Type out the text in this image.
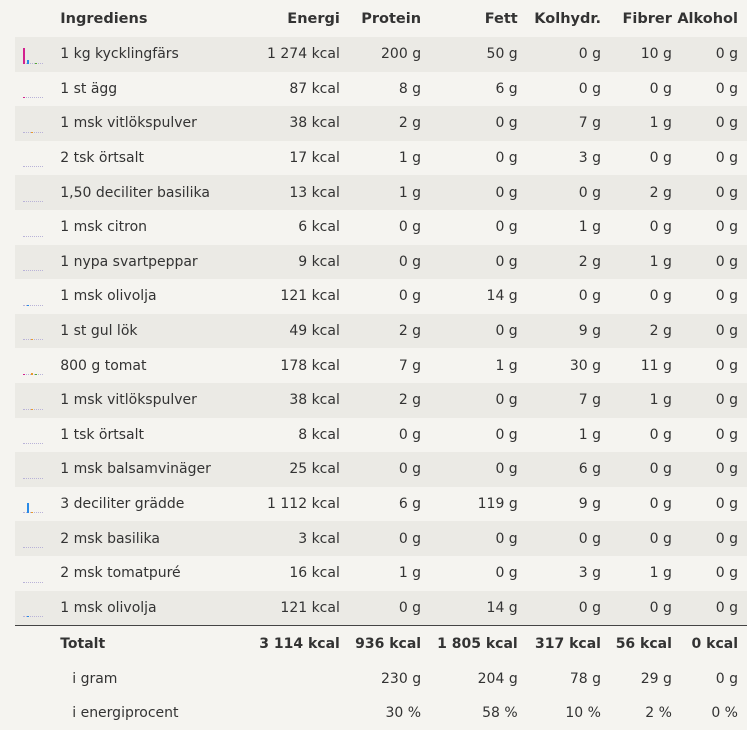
	Ingrediens	Energi	Protein	Fett	Kolhydr.	Fibrer	Alkohol

	1 kg kycklingfärs	1 274 kcal	200 g	50 g	0 g	10 g	0 g

	1 st ägg	87 kcal	8 g	6 g	0 g	0 g	0 g

	1 msk vitlökspulver	38 kcal	2 g	0 g	7 g	1 g	0 g

	2 tsk örtsalt	17 kcal	1 g	0 g	3 g	0 g	0 g

	1,50 deciliter basilika	13 kcal	1 g	0 g	0 g	2 g	0 g

	1 msk citron	6 kcal	0 g	0 g	1 g	0 g	0 g

	1 nypa svartpeppar	9 kcal	0 g	0 g	2 g	1 g	0 g

	1 msk olivolja	121 kcal	0 g	14 g	0 g	0 g	0 g

	1 st gul lök	49 kcal	2 g	0 g	9 g	2 g	0 g

	800 g tomat	178 kcal	7 g	1 g	30 g	11 g	0 g

	1 msk vitlökspulver	38 kcal	2 g	0 g	7 g	1 g	0 g

	1 tsk örtsalt	8 kcal	0 g	0 g	1 g	0 g	0 g

	1 msk balsamvinäger	25 kcal	0 g	0 g	6 g	0 g	0 g

	3 deciliter grädde	1 112 kcal	6 g	119 g	9 g	0 g	0 g

	2 msk basilika	3 kcal	0 g	0 g	0 g	0 g	0 g

	2 msk tomatpuré	16 kcal	1 g	0 g	3 g	1 g	0 g

	1 msk olivolja	121 kcal	0 g	14 g	0 g	0 g	0 g
	Totalt	3 114 kcal	936 kcal	1 805 kcal	317 kcal	56 kcal	0 kcal
	i gram		230 g	204 g	78 g	29 g	0 g
	i energiprocent		30 %	58 %	10 %	2 %	0 %
